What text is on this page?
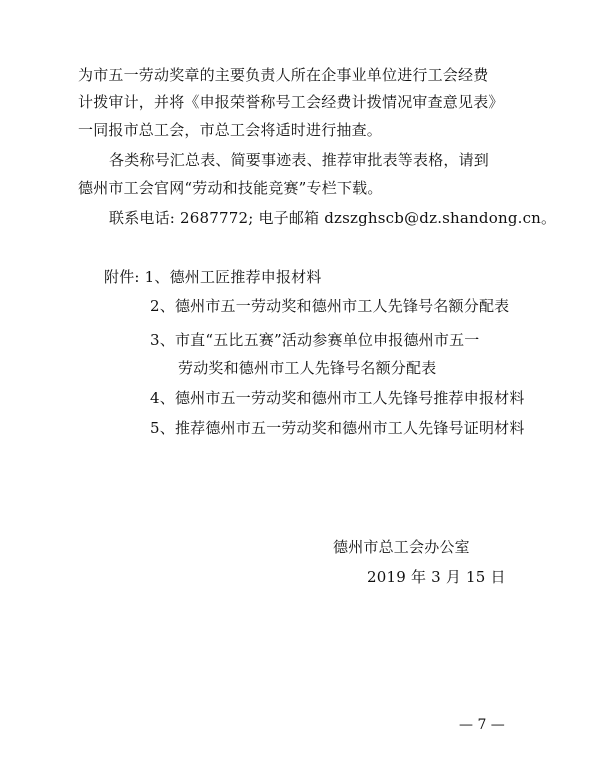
为市五一劳动奖章的主要负责人所在企事业单位进行工会经费
计拨审计，并将《申报荣誉称号工会经费计拨情况审查意见表》
一同报市总工会，市总工会将适时进行抽查。
各类称号汇总表、简要事迹表、推荐审批表等表格，请到
德州市工会官网“劳动和技能竞赛”专栏下载。
联系电话: 2687772; 电子邮箱 dzszghscb@dz.shandong.cn。
附件: 1、德州工匠推荐申报材料
2、德州市五一劳动奖和德州市工人先锋号名额分配表
3、市直“五比五赛”活动参赛单位申报德州市五一
劳动奖和德州市工人先锋号名额分配表
4、德州市五一劳动奖和德州市工人先锋号推荐申报材料
5、推荐德州市五一劳动奖和德州市工人先锋号证明材料
德州市总工会办公室
2019 年 3 月 15 日
— 7 —
